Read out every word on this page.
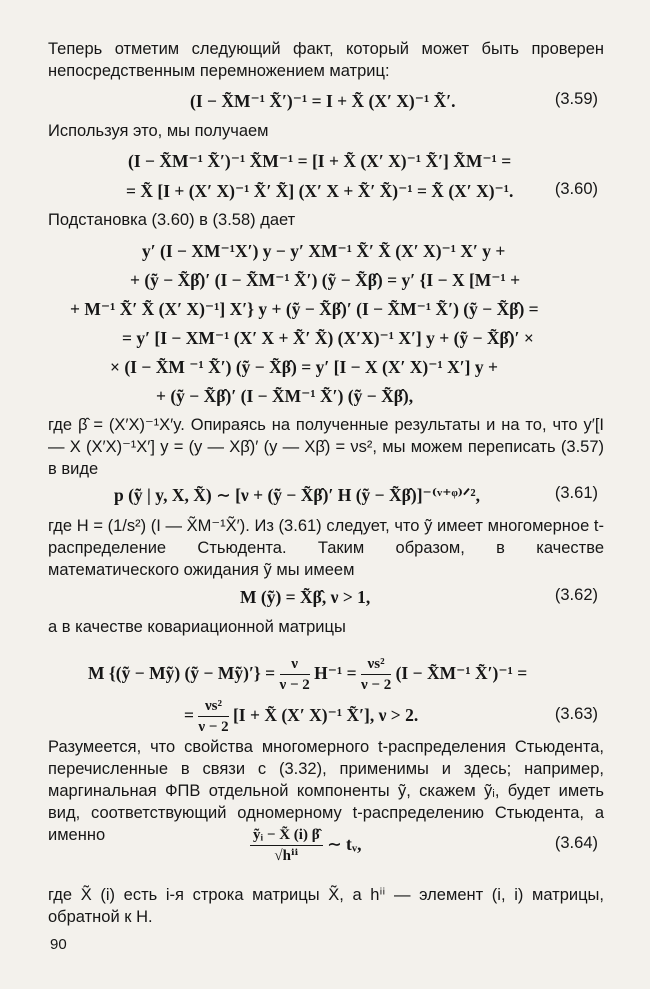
Теперь отметим следующий факт, который может быть проверен непосредственным перемножением матриц:
(I − X̃M⁻¹ X̃′)⁻¹ = I + X̃ (X′ X)⁻¹ X̃′.	(3.59)
Используя это, мы получаем
(I − X̃M⁻¹ X̃′)⁻¹ X̃M⁻¹ = [I + X̃ (X′ X)⁻¹ X̃′] X̃M⁻¹ =
= X̃ [I + (X′ X)⁻¹ X̃′ X̃] (X′ X + X̃′ X̃)⁻¹ = X̃ (X′ X)⁻¹.	(3.60)
Подстановка (3.60) в (3.58) дает
y′ (I − XM⁻¹X′) y − y′ XM⁻¹ X̃′ X̃ (X′ X)⁻¹ X′ y +
+ (ỹ − X̃β̂)′ (I − X̃M⁻¹ X̃′) (ỹ − X̃β̂) = y′ {I − X [M⁻¹ +
+ M⁻¹ X̃′ X̃ (X′ X)⁻¹] X′} y + (ỹ − X̃β̂)′ (I − X̃M⁻¹ X̃′) (ỹ − X̃β̂) =
= y′ [I − XM⁻¹ (X′ X + X̃′ X̃) (X′X)⁻¹ X′] y + (ỹ − X̃β̂)′ ×
× (I − X̃M ⁻¹ X̃′) (ỹ − X̃β̂) = y′ [I − X (X′ X)⁻¹ X′] y +
+ (ỹ − X̃β̂)′ (I − X̃M⁻¹ X̃′) (ỹ − X̃β̂),
где β̂ = (X′X)⁻¹X′y. Опираясь на полученные результаты и на то, что y′[I — X (X′X)⁻¹X′] y = (y — Xβ̂)′ (y — Xβ̂) = νs², мы можем переписать (3.57) в виде
p (ỹ | y, X, X̃) ∼ [ν + (ỹ − X̃β̂)′ H (ỹ − X̃β̂)]⁻⁽ᵛ⁺ᵠ⁾ᐟ²,	(3.61)
где H = (1/s²) (I — X̃M⁻¹X̃′). Из (3.61) следует, что ỹ имеет многомерное t-распределение Стьюдента. Таким образом, в качестве математического ожидания ỹ мы имеем
M (ỹ) = X̃β̂, ν > 1,	(3.62)
а в качестве ковариационной матрицы
M {(ỹ − Mỹ) (ỹ − Mỹ)′} = $\frac{\nu}{\nu - 2} H^{-1} = \frac{\text{νs²}}{\nu - 2} (I$ − X̃M⁻¹ X̃′)⁻¹ =
= $\frac{\text{νs²}}{\nu - 2} [I$ + X̃ (X′ X)⁻¹ X̃′], ν > 2.	(3.63)
Разумеется, что свойства многомерного t-распределения Стьюдента, перечисленные в связи с (3.32), применимы и здесь; например, маргинальная ФПВ отдельной компоненты ỹ, скажем ỹᵢ, будет иметь вид, соответствующий одномерному t-распределению Стьюдента, а именно	$\frac{\text{ỹᵢ − X̃ (i) β̂}}{\text{√hⁱⁱ}}$ ∼ tᵥ,	(3.64)
где X̃ (i) есть i-я строка матрицы X̃, а hⁱⁱ — элемент (i, i) матрицы, обратной к H.
90
